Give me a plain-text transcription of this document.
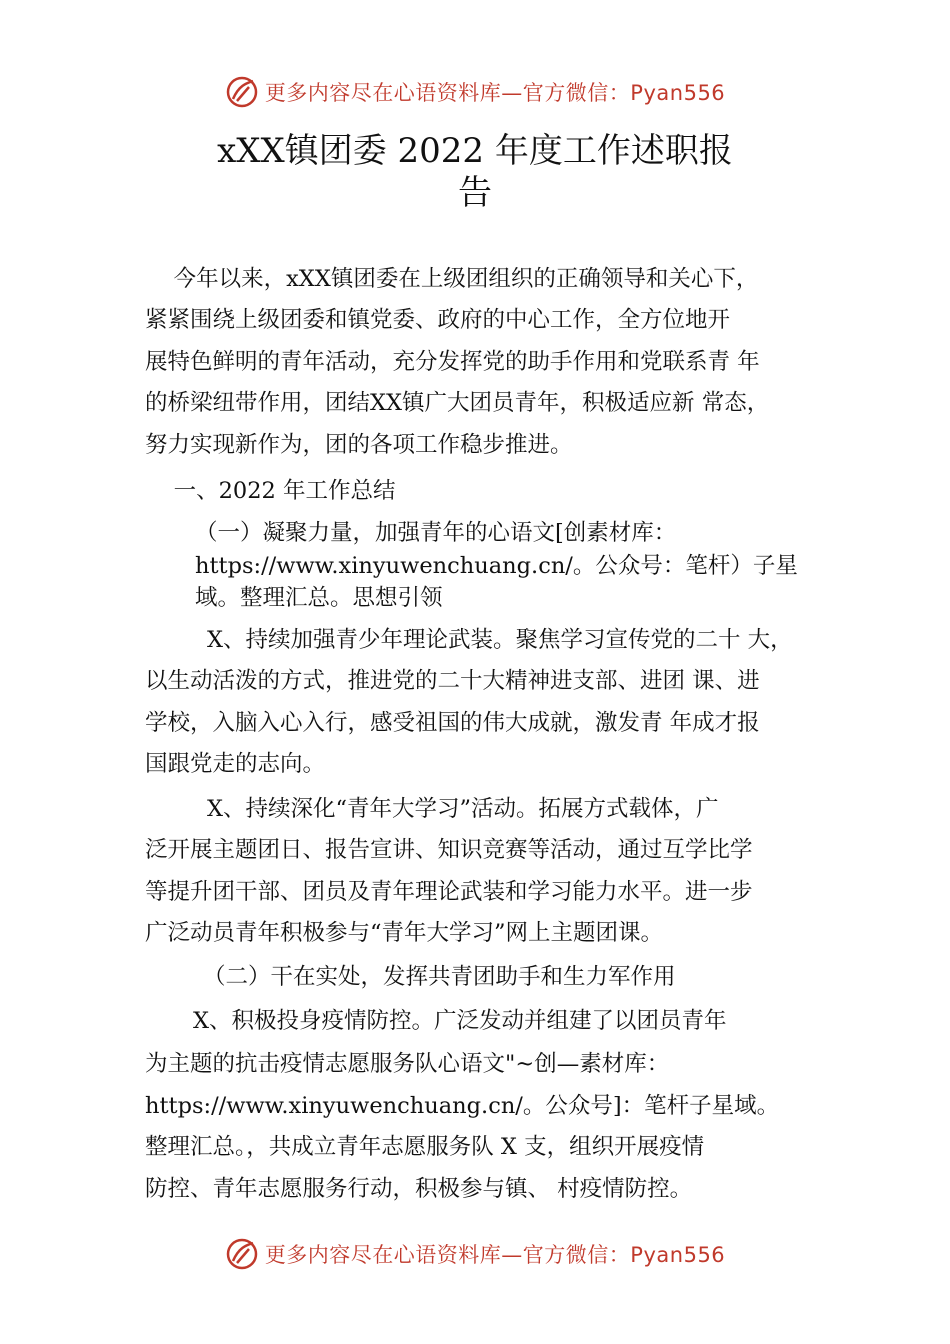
更多内容尽在心语资料库—官方微信：Pyan556
xXX镇团委 2022 年度工作述职报
告
今年以来，xXX镇团委在上级团组织的正确领导和关心下，
紧紧围绕上级团委和镇党委、政府的中心工作，全方位地开
展特色鲜明的青年活动，充分发挥党的助手作用和党联系青 年
的桥梁纽带作用，团结XX镇广大团员青年，积极适应新 常态，
努力实现新作为，团的各项工作稳步推进。
一、2022 年工作总结
（一）凝聚力量，加强青年的心语文[创素材库：
https://www.xinyuwenchuang.cn/。公众号：笔杆）子星
域。整理汇总。思想引领
X、持续加强青少年理论武装。聚焦学习宣传党的二十 大，
以生动活泼的方式，推进党的二十大精神进支部、进团 课、进
学校，入脑入心入行，感受祖国的伟大成就，激发青 年成才报
国跟党走的志向。
X、持续深化“青年大学习”活动。拓展方式载体，广
泛开展主题团日、报告宣讲、知识竞赛等活动，通过互学比学
等提升团干部、团员及青年理论武装和学习能力水平。进一步
广泛动员青年积极参与“青年大学习”网上主题团课。
（二）干在实处，发挥共青团助手和生力军作用
X、积极投身疫情防控。广泛发动并组建了以团员青年
为主题的抗击疫情志愿服务队心语文"~创—素材库：
https://www.xinyuwenchuang.cn/。公众号]：笔杆子星域。
整理汇总。，共成立青年志愿服务队 X 支，组织开展疫情
防控、青年志愿服务行动，积极参与镇、 村疫情防控。
更多内容尽在心语资料库—官方微信：Pyan556
